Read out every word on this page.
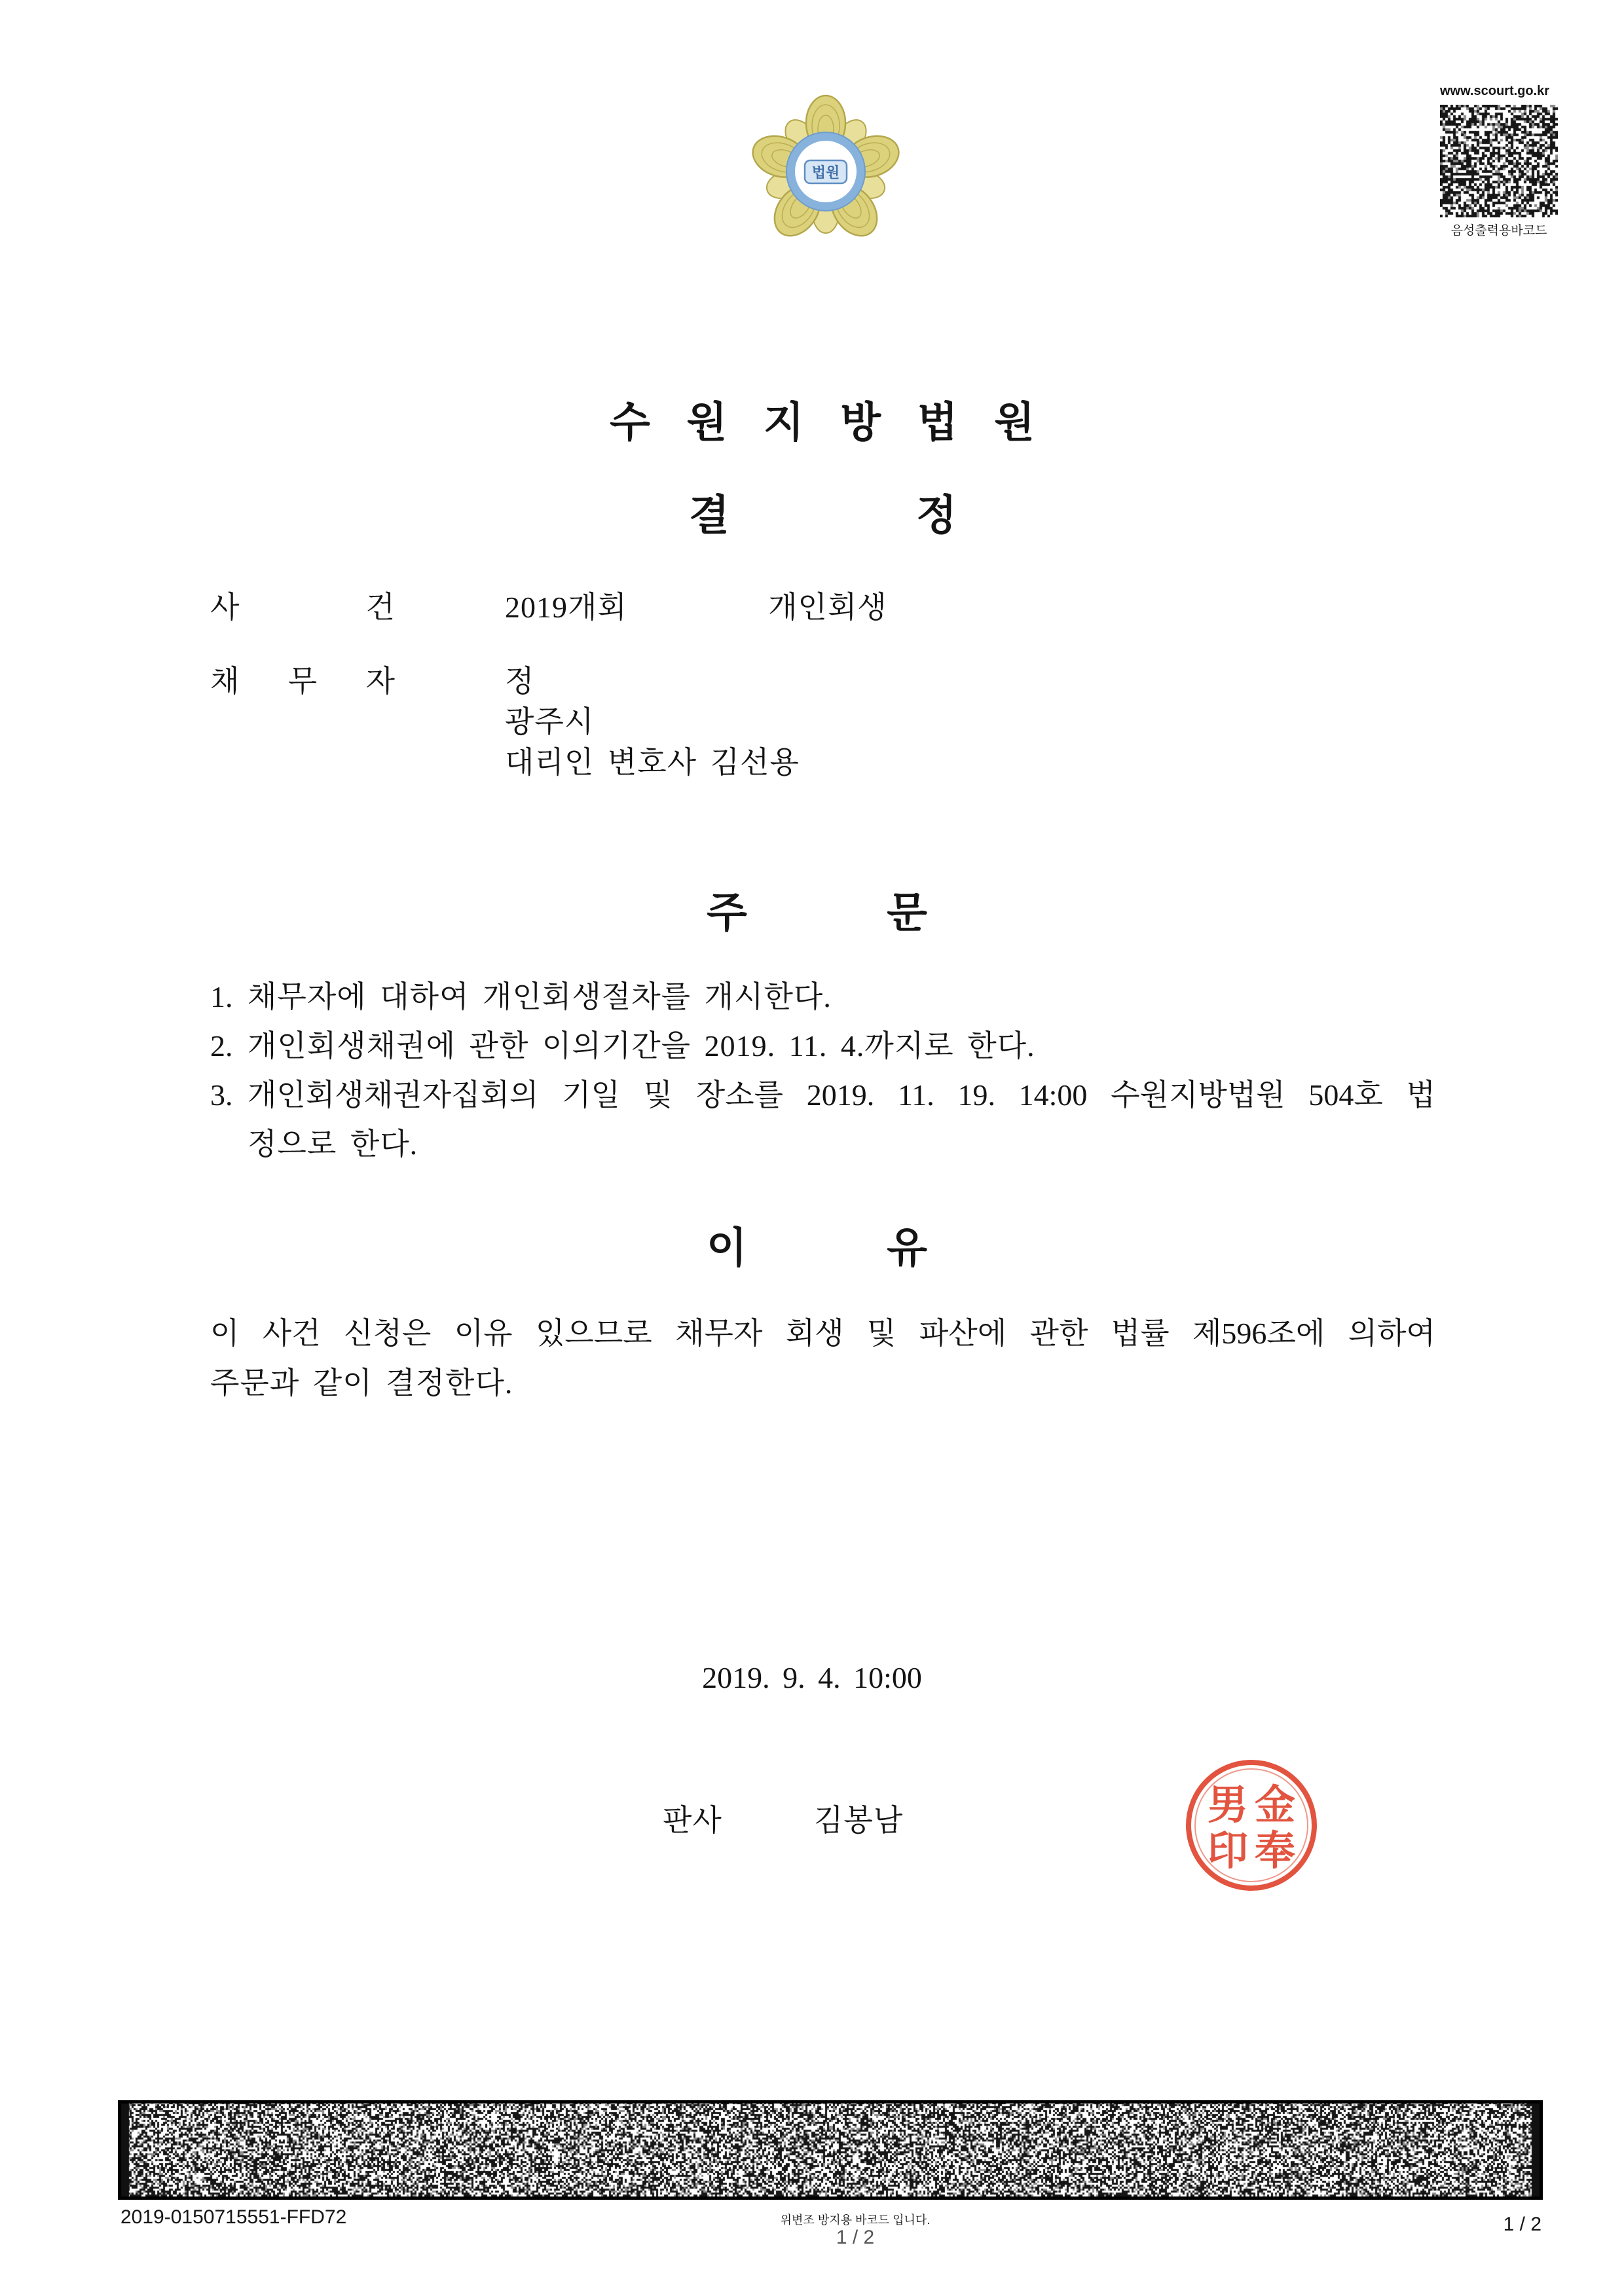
법원
www.scourt.go.kr
음성출력용바코드
수 원 지 방 법 원
결 정
사 건	2019개회	개인회생
채 무 자	정
광주시
대리인 변호사 김선용
주 문
1. 채무자에 대하여 개인회생절차를 개시한다.
2. 개인회생채권에 관한 이의기간을 2019. 11. 4.까지로 한다.
3. 개인회생채권자집회의 기일 및 장소를 2019. 11. 19. 14:00 수원지방법원 504호 법
정으로 한다.
이 유
이 사건 신청은 이유 있으므로 채무자 회생 및 파산에 관한 법률 제596조에 의하여
주문과 같이 결정한다.
2019. 9. 4. 10:00
판사	김봉남	金
奉
男
印
2019-0150715551-FFD72	위변조 방지용 바코드 입니다.
1 / 2
1 / 2
